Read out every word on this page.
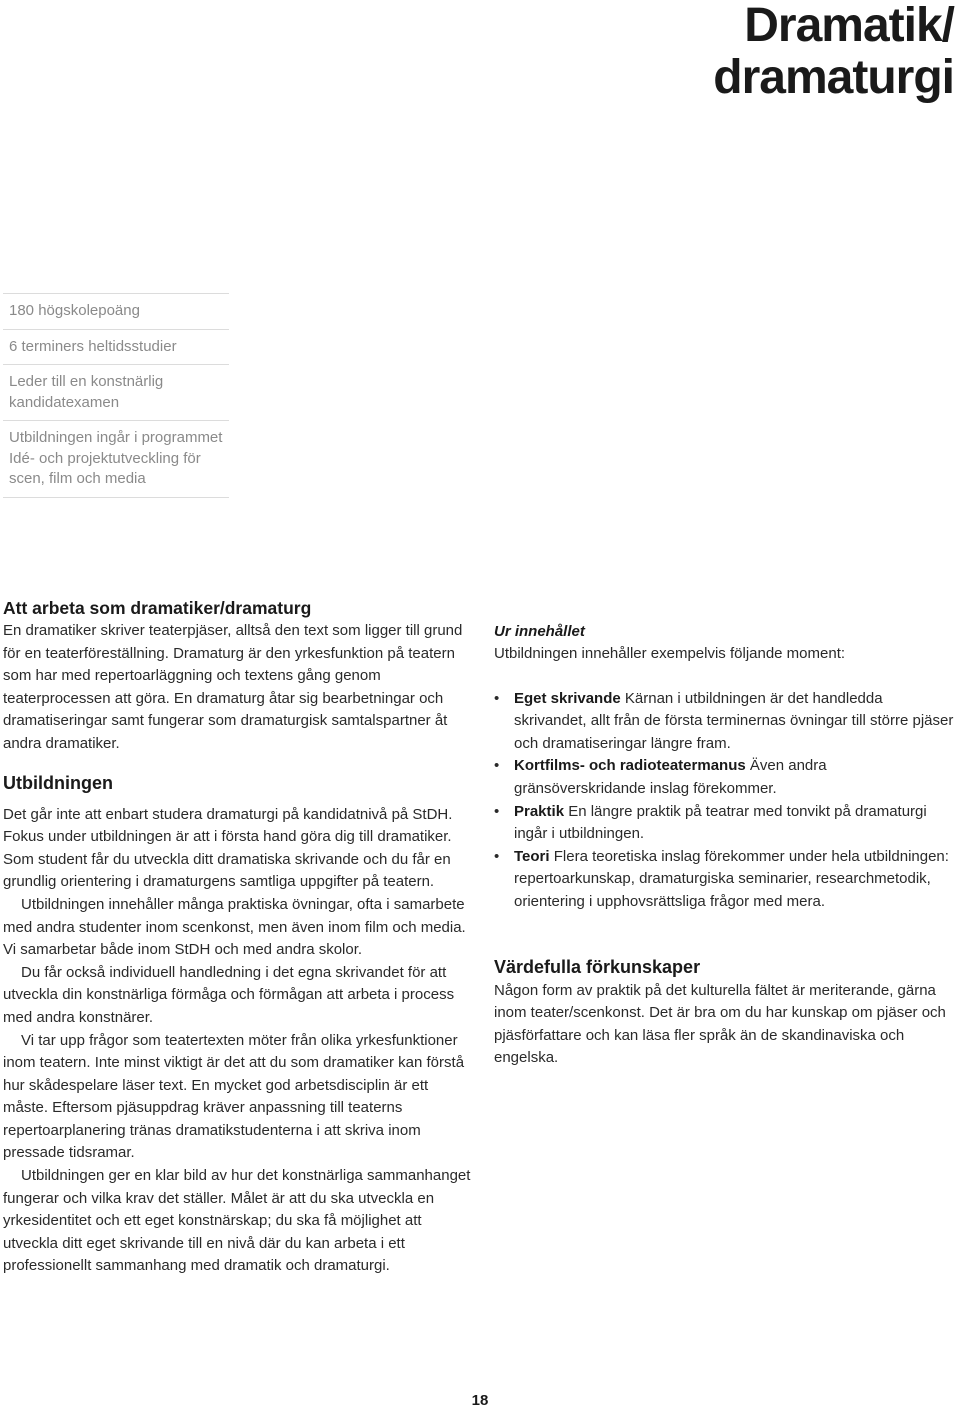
Dramatik/
dramaturgi
180 högskolepoäng
6 terminers heltidsstudier
Leder till en konstnärlig kandidatexamen
Utbildningen ingår i programmet Idé- och projektutveckling för scen, film och media
Att arbeta som dramatiker/dramaturg

En dramatiker skriver teaterpjäser, alltså den text som ligger till grund för en teaterföreställning. Dramaturg är den yrkesfunktion på teatern som har med repertoarläggning och textens gång genom teaterprocessen att göra. En dramaturg åtar sig bearbetningar och dramatiseringar samt fungerar som dramaturgisk samtalspartner åt andra dramatiker.

Utbildningen

Det går inte att enbart studera dramaturgi på kandidatnivå på StDH. Fokus under utbildningen är att i första hand göra dig till dramatiker. Som student får du utveckla ditt dramatiska skrivande och du får en grundlig orientering i dramaturgens samtliga uppgifter på teatern.

Utbildningen innehåller många praktiska övningar, ofta i samarbete med andra studenter inom scenkonst, men även inom film och media. Vi samarbetar både inom StDH och med andra skolor.

Du får också individuell handledning i det egna skrivandet för att utveckla din konstnärliga förmåga och förmågan att arbeta i process med andra konstnärer.

Vi tar upp frågor som teatertexten möter från olika yrkesfunktioner inom teatern. Inte minst viktigt är det att du som dramatiker kan förstå hur skådespelare läser text. En mycket god arbetsdisciplin är ett måste. Eftersom pjäsuppdrag kräver anpassning till teaterns repertoarplanering tränas dramatikstudenterna i att skriva inom pressade tidsramar.

Utbildningen ger en klar bild av hur det konstnärliga sammanhanget fungerar och vilka krav det ställer. Målet är att du ska utveckla en yrkesidentitet och ett eget konstnärskap; du ska få möjlighet att utveckla ditt eget skrivande till en nivå där du kan arbeta i ett professionellt sammanhang med dramatik och dramaturgi.

Ur innehållet

Utbildningen innehåller exempelvis följande moment:

• Eget skrivande Kärnan i utbildningen är det handledda skrivandet, allt från de första terminernas övningar till större pjäser och dramatiseringar längre fram.
• Kortfilms- och radioteatermanus Även andra gränsöverskridande inslag förekommer.
• Praktik En längre praktik på teatrar med tonvikt på dramaturgi ingår i utbildningen.
• Teori Flera teoretiska inslag förekommer under hela utbildningen: repertoarkunskap, dramaturgiska seminarier, researchmetodik, orientering i upphovsrättsliga frågor med mera.
Värdefulla förkunskaper

Någon form av praktik på det kulturella fältet är meriterande, gärna inom teater/scenkonst. Det är bra om du har kunskap om pjäser och pjäsförfattare och kan läsa fler språk än de skandinaviska och engelska.

18
